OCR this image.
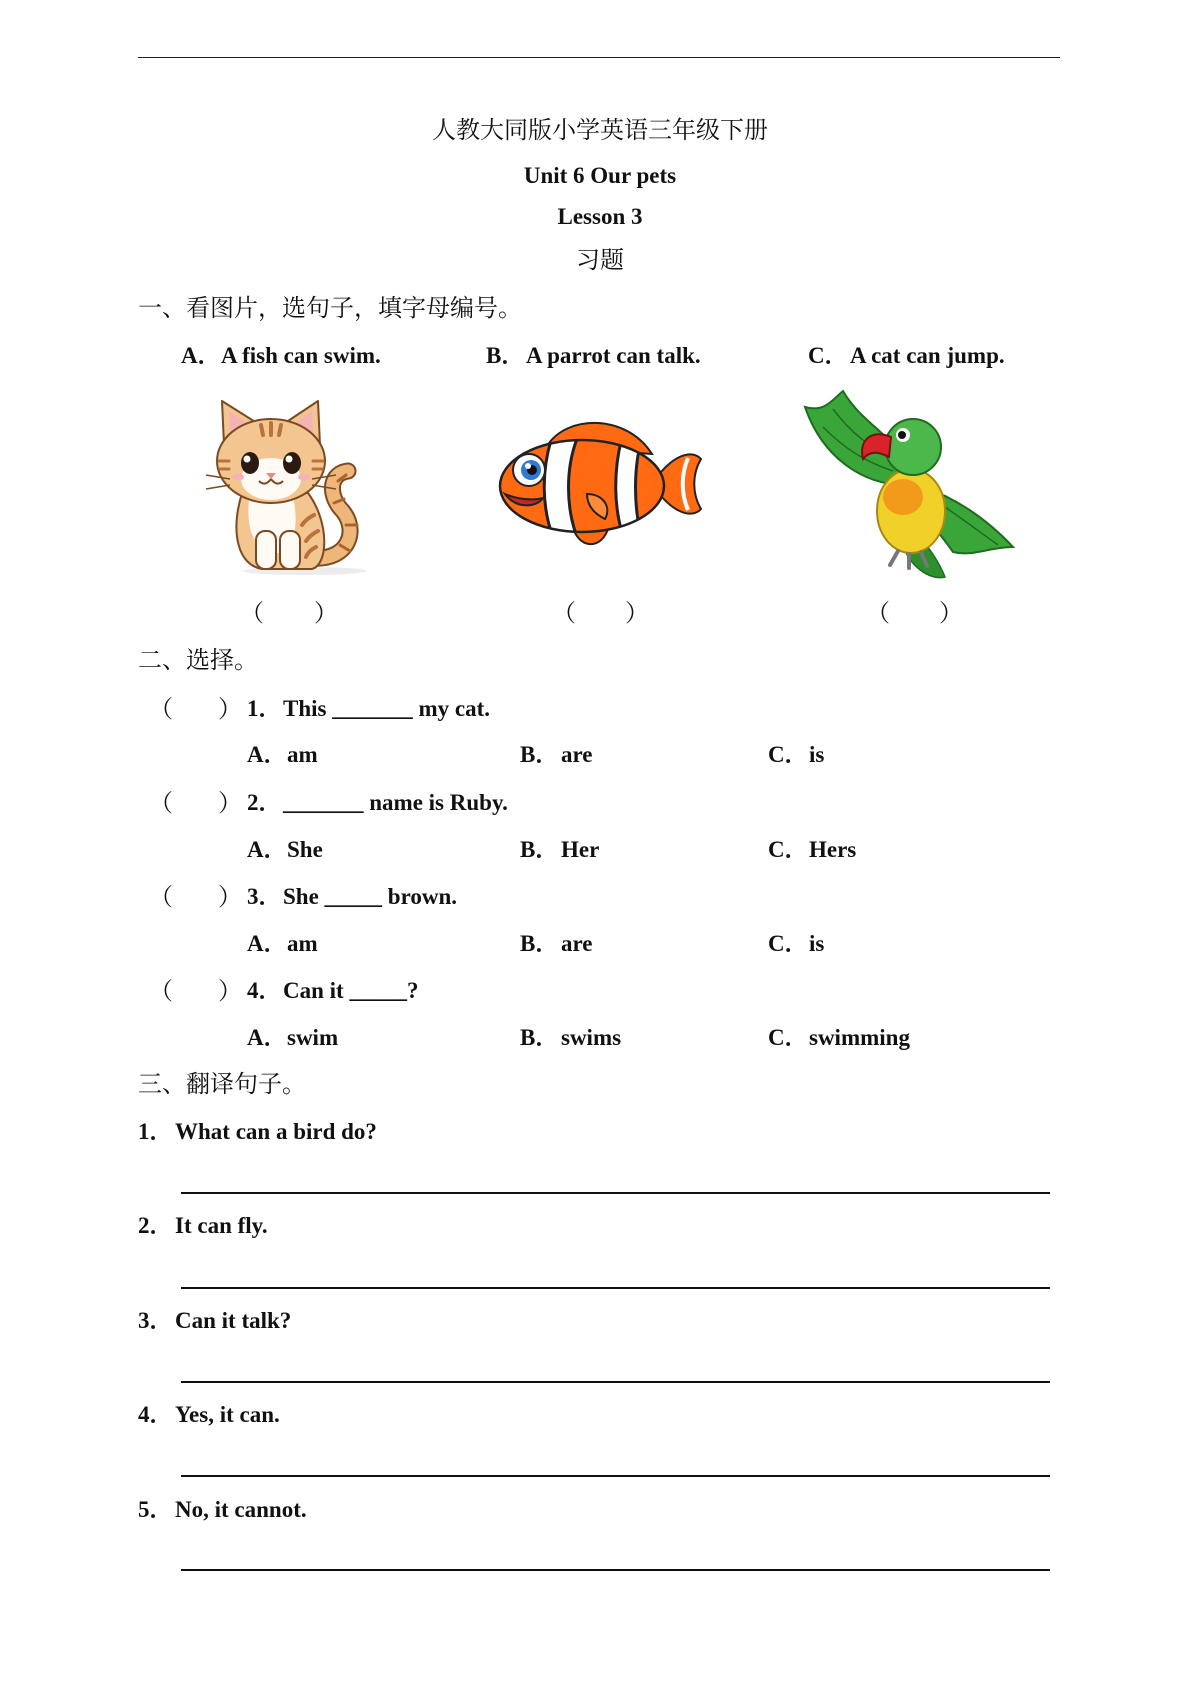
人教大同版小学英语三年级下册
Unit 6 Our pets
Lesson 3
习题
一、看图片，选句子，填字母编号。
A． A fish can swim.	B． A parrot can talk.	C． A cat can jump.
（ ）	（ ）	（ ）
二、选择。
（ ） 1． This _______ my cat.
A． am	B． are	C． is
（ ） 2． _______ name is Ruby.
A． She	B． Her	C． Hers
（ ） 3． She _____ brown.
A． am	B． are	C． is
（ ） 4． Can it _____?
A． swim	B． swims	C． swimming
三、翻译句子。
1． What can a bird do?
2． It can fly.
3． Can it talk?
4． Yes, it can.
5． No, it cannot.
